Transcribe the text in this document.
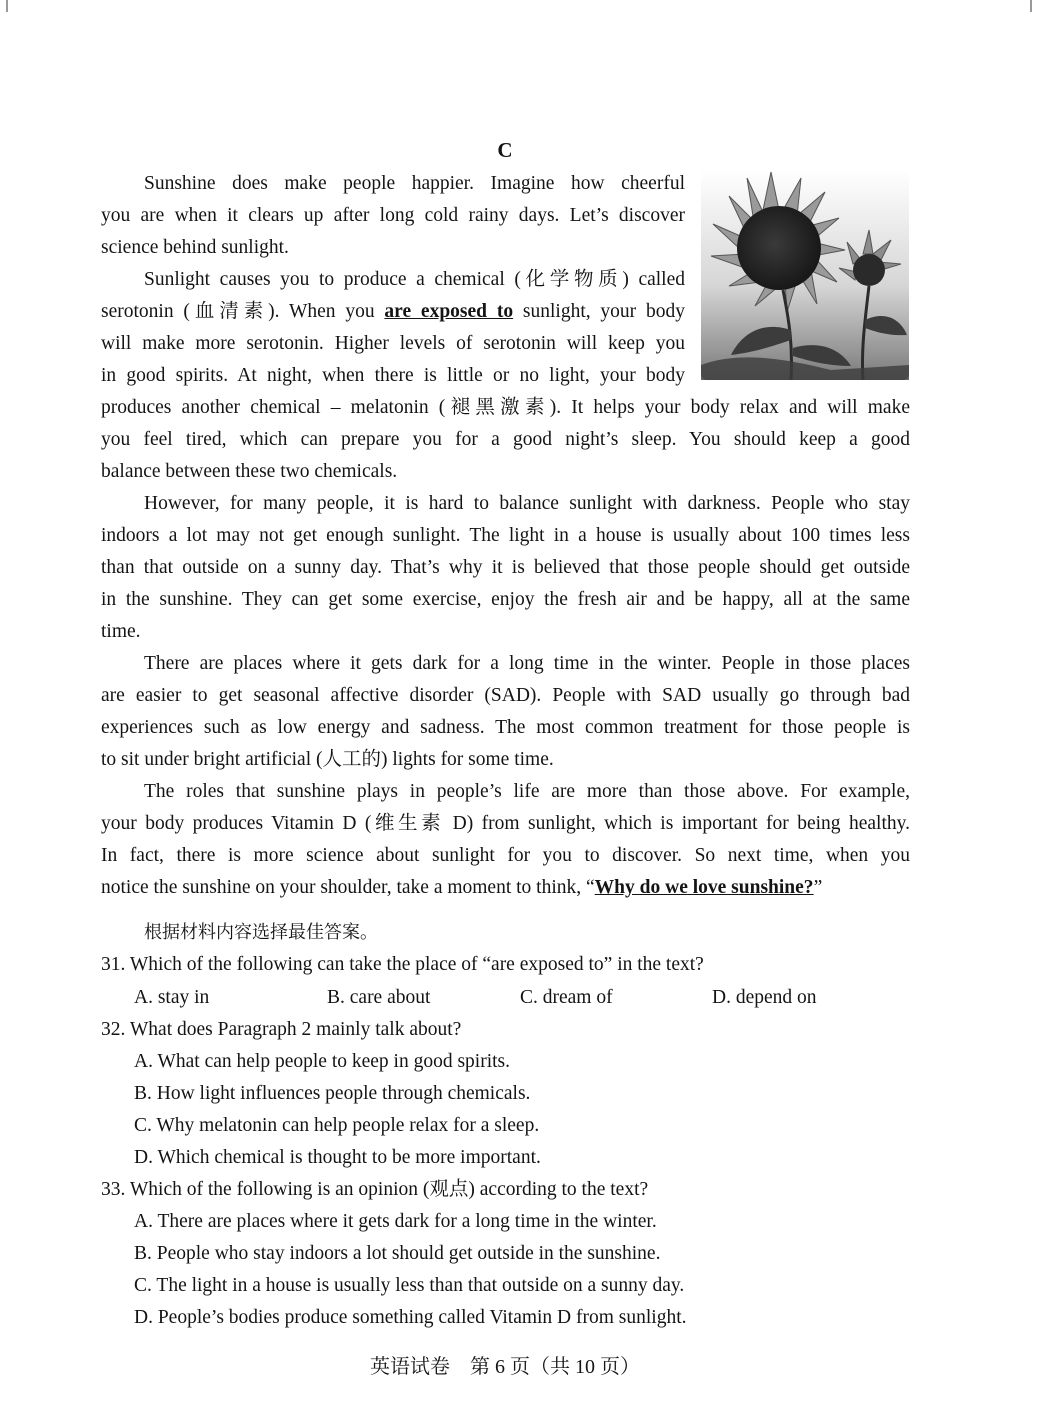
C
Sunshine does make people happier. Imagine how cheerful
you are when it clears up after long cold rainy days. Let’s discover
science behind sunlight.
Sunlight causes you to produce a chemical (化学物质) called
serotonin (血清素). When you are exposed to sunlight, your body
will make more serotonin. Higher levels of serotonin will keep you
in good spirits. At night, when there is little or no light, your body
produces another chemical – melatonin (褪黑激素). It helps your body relax and will make
you feel tired, which can prepare you for a good night’s sleep. You should keep a good
balance between these two chemicals.
However, for many people, it is hard to balance sunlight with darkness. People who stay
indoors a lot may not get enough sunlight. The light in a house is usually about 100 times less
than that outside on a sunny day. That’s why it is believed that those people should get outside
in the sunshine. They can get some exercise, enjoy the fresh air and be happy, all at the same
time.
There are places where it gets dark for a long time in the winter. People in those places
are easier to get seasonal affective disorder (SAD). People with SAD usually go through bad
experiences such as low energy and sadness. The most common treatment for those people is
to sit under bright artificial (人工的) lights for some time.
The roles that sunshine plays in people’s life are more than those above. For example,
your body produces Vitamin D (维生素 D) from sunlight, which is important for being healthy.
In fact, there is more science about sunlight for you to discover. So next time, when you
notice the sunshine on your shoulder, take a moment to think, “Why do we love sunshine?”
根据材料内容选择最佳答案。
31. Which of the following can take the place of “are exposed to” in the text?
A. stay in	B. care about	C. dream of	D. depend on
32. What does Paragraph 2 mainly talk about?
A. What can help people to keep in good spirits.
B. How light influences people through chemicals.
C. Why melatonin can help people relax for a sleep.
D. Which chemical is thought to be more important.
33. Which of the following is an opinion (观点) according to the text?
A. There are places where it gets dark for a long time in the winter.
B. People who stay indoors a lot should get outside in the sunshine.
C. The light in a house is usually less than that outside on a sunny day.
D. People’s bodies produce something called Vitamin D from sunlight.
英语试卷　第 6 页（共 10 页）
